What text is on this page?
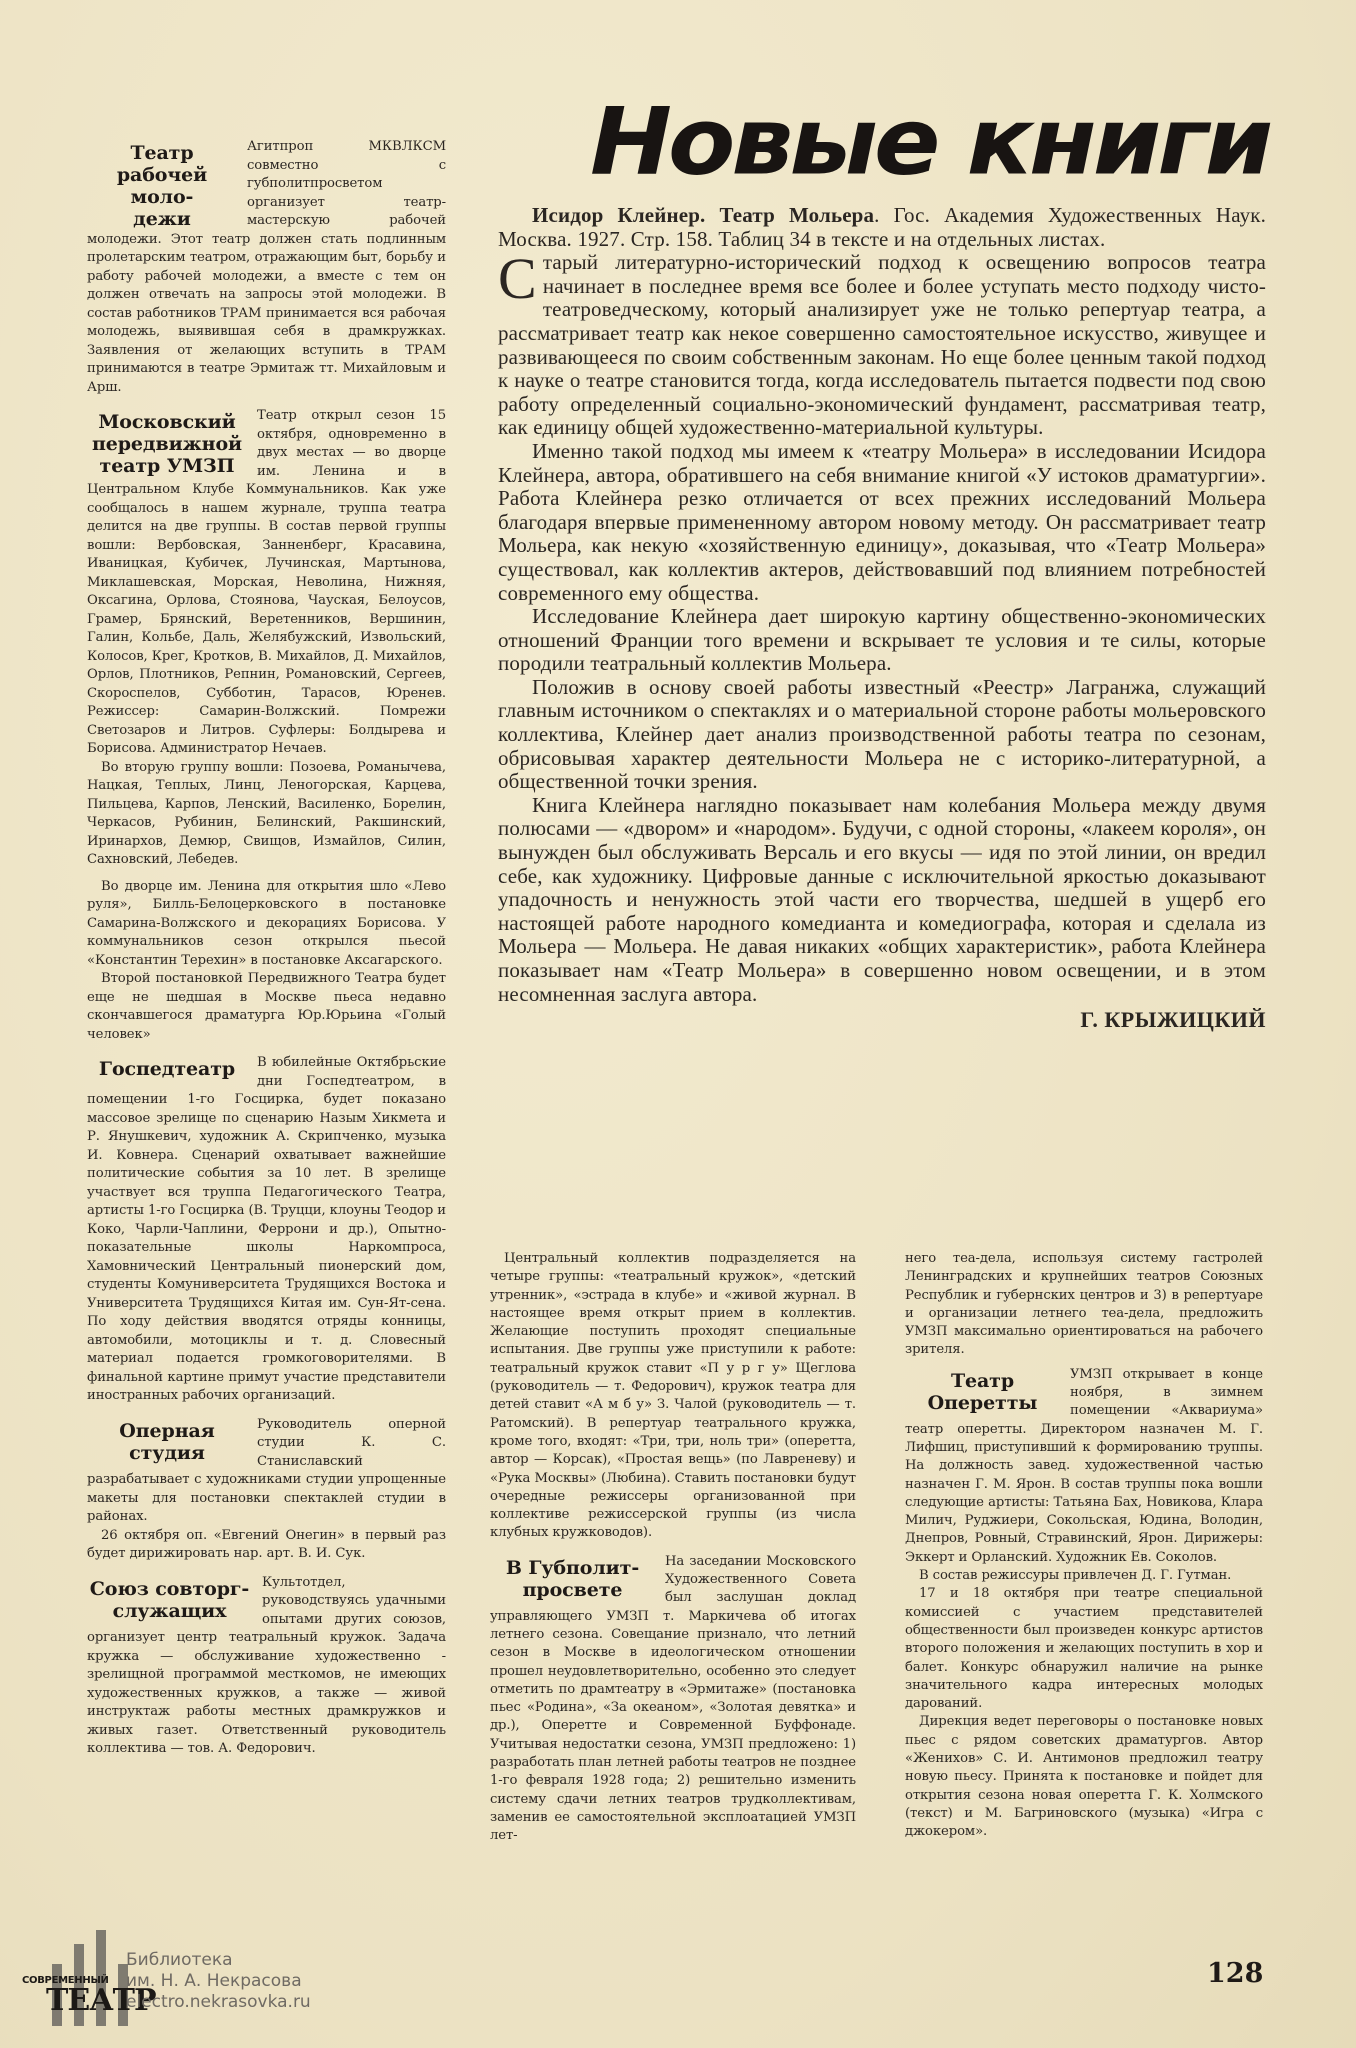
Театр
рабочей моло-
дежи

Агитпроп МКВЛКСМ совместно с губполитпросветом организует театр-мастерскую рабочей молодежи. Этот театр должен стать подлинным пролетарским театром, отражающим быт, борьбу и работу рабочей молодежи, а вместе с тем он должен отвечать на запросы этой молодежи. В состав работников ТРАМ принимается вся рабочая молодежь, выявившая себя в драмкружках. Заявления от желающих вступить в ТРАМ принимаются в театре Эрмитаж тт. Михайловым и Арш.

Московский
передвижной
театр УМЗП

Театр открыл сезон 15 октября, одновременно в двух местах — во дворце им. Ленина и в Центральном Клубе Коммунальников. Как уже сообщалось в нашем журнале, труппа театра делится на две группы. В состав первой группы вошли: Вербовская, Занненберг, Красавина, Иваницкая, Кубичек, Лучинская, Мартынова, Миклашевская, Морская, Неволина, Нижняя, Оксагина, Орлова, Стоянова, Чауская, Белоусов, Грамер, Брянский, Веретенников, Вершинин, Галин, Кольбе, Даль, Желябужский, Извольский, Колосов, Крег, Кротков, В. Михайлов, Д. Михайлов, Орлов, Плотников, Репнин, Романовский, Сергеев, Скороспелов, Субботин, Тарасов, Юренев. Режиссер: Самарин-Волжский. Помрежи Светозаров и Литров. Суфлеры: Болдырева и Борисова. Администратор Нечаев.

Во вторую группу вошли: Позоева, Романычева, Нацкая, Теплых, Линц, Леногорская, Карцева, Пильцева, Карпов, Ленский, Василенко, Борелин, Черкасов, Рубинин, Белинский, Ракшинский, Иринархов, Демюр, Свищов, Измайлов, Силин, Сахновский, Лебедев.

Во дворце им. Ленина для открытия шло «Лево руля», Билль-Белоцерковского в постановке Самарина-Волжского и декорациях Борисова. У коммунальников сезон открылся пьесой «Константин Терехин» в постановке Аксагарского.

Второй постановкой Передвижного Театра будет еще не шедшая в Москве пьеса недавно скончавшегося драматурга Юр.Юрьина «Голый человек»

Госпедтеатр	В юбилейные Октябрьские дни Госпедтеатром, в помещении 1-го Госцирка, будет показано массовое зрелище по сценарию Назым Хикмета и Р. Янушкевич, художник А. Скрипченко, музыка И. Ковнера. Сценарий охватывает важнейшие политические события за 10 лет. В зрелище участвует вся труппа Педагогического Театра, артисты 1-го Госцирка (В. Труцци, клоуны Теодор и Коко, Чарли-Чаплини, Феррони и др.), Опытно-показательные школы Наркомпроса, Хамовнический Центральный пионерский дом, студенты Комуниверситета Трудящихся Востока и Университета Трудящихся Китая им. Сун-Ят-сена. По ходу действия вводятся отряды конницы, автомобили, мотоциклы и т. д. Словесный материал подается громкоговорителями. В финальной картине примут участие представители иностранных рабочих организаций.

Оперная
студия

Руководитель оперной студии К. С. Станиславский разрабатывает с художниками студии упрощенные макеты для постановки спектаклей студии в районах.

26 октября оп. «Евгений Онегин» в первый раз будет дирижировать нар. арт. В. И. Сук.

Союз совторг-
служащих

Культотдел, руководствуясь удачными опытами других союзов, организует центр театральный кружок. Задача кружка — обслуживание художественно - зрелищной программой месткомов, не имеющих художественных кружков, а также — живой инструктаж работы местных драмкружков и живых газет. Ответственный руководитель коллектива — тов. А. Федорович.

Новые книги

Исидор Клейнер. Театр Мольера. Гос. Академия Художественных Наук. Москва. 1927. Стр. 158. Таблиц 34 в тексте и на отдельных листах.

Старый литературно-исторический подход к освещению вопросов театра начинает в последнее время все более и более уступать место подходу чисто-театроведческому, который анализирует уже не только репертуар театра, а рассматривает театр как некое совершенно самостоятельное искусство, живущее и развивающееся по своим собственным законам. Но еще более ценным такой подход к науке о театре становится тогда, когда исследователь пытается подвести под свою работу определенный социально-экономический фундамент, рассматривая театр, как единицу общей художественно-материальной культуры.

Именно такой подход мы имеем к «театру Мольера» в исследовании Исидора Клейнера, автора, обратившего на себя внимание книгой «У истоков драматургии». Работа Клейнера резко отличается от всех прежних исследований Мольера благодаря впервые примененному автором новому методу. Он рассматривает театр Мольера, как некую «хозяйственную единицу», доказывая, что «Театр Мольера» существовал, как коллектив актеров, действовавший под влиянием потребностей современного ему общества.

Исследование Клейнера дает широкую картину общественно-экономических отношений Франции того времени и вскрывает те условия и те силы, которые породили театральный коллектив Мольера.

Положив в основу своей работы известный «Реестр» Лагранжа, служащий главным источником о спектаклях и о материальной стороне работы мольеровского коллектива, Клейнер дает анализ производственной работы театра по сезонам, обрисовывая характер деятельности Мольера не с историко-литературной, а общественной точки зрения.

Книга Клейнера наглядно показывает нам колебания Мольера между двумя полюсами — «двором» и «народом». Будучи, с одной стороны, «лакеем короля», он вынужден был обслуживать Версаль и его вкусы — идя по этой линии, он вредил себе, как художнику. Цифровые данные с исключительной яркостью доказывают упадочность и ненужность этой части его творчества, шедшей в ущерб его настоящей работе народного комедианта и комедиографа, которая и сделала из Мольера — Мольера. Не давая никаких «общих характеристик», работа Клейнера показывает нам «Театр Мольера» в совершенно новом освещении, и в этом несомненная заслуга автора.

Г. КРЫЖИЦКИЙ

Центральный коллектив подразделяется на четыре группы: «театральный кружок», «детский утренник», «эстрада в клубе» и «живой журнал. В настоящее время открыт прием в коллектив. Желающие поступить проходят специальные испытания. Две группы уже приступили к работе: театральный кружок ставит «П у р г у» Щеглова (руководитель — т. Федорович), кружок театра для детей ставит «А м б у» З. Чалой (руководитель — т. Ратомский). В репертуар театрального кружка, кроме того, входят: «Три, три, ноль три» (оперетта, автор — Корсак), «Простая вещь» (по Лавреневу) и «Рука Москвы» (Любина). Ставить постановки будут очередные режиссеры организованной при коллективе режиссерской группы (из числа клубных кружководов).

В Губполит-
просвете

На заседании Московского Художественного Совета был заслушан доклад управляющего УМЗП т. Маркичева об итогах летнего сезона. Совещание признало, что летний сезон в Москве в идеологическом отношении прошел неудовлетворительно, особенно это следует отметить по драмтеатру в «Эрмитаже» (постановка пьес «Родина», «За океаном», «Золотая девятка» и др.), Оперетте и Современной Буффонаде. Учитывая недостатки сезона, УМЗП предложено: 1) разработать план летней работы театров не позднее 1-го февраля 1928 года; 2) решительно изменить систему сдачи летних театров трудколлективам, заменив ее самостоятельной эксплоатацией УМЗП лет-

него теа-дела, используя систему гастролей Ленинградских и крупнейших театров Союзных Республик и губернских центров и 3) в репертуаре и организации летнего теа-дела, предложить УМЗП максимально ориентироваться на рабочего зрителя.

Театр
Оперетты

УМЗП открывает в конце ноября, в зимнем помещении «Аквариума» театр оперетты. Директором назначен М. Г. Лифшиц, приступивший к формированию труппы. На должность завед. художественной частью назначен Г. М. Ярон. В состав труппы пока вошли следующие артисты: Татьяна Бах, Новикова, Клара Милич, Руджиери, Сокольская, Юдина, Володин, Днепров, Ровный, Стравинский, Ярон. Дирижеры: Эккерт и Орланский. Художник Ев. Соколов.

В состав режиссуры привлечен Д. Г. Гутман.

17 и 18 октября при театре специальной комиссией с участием представителей общественности был произведен конкурс артистов второго положения и желающих поступить в хор и балет. Конкурс обнаружил наличие на рынке значительного кадра интересных молодых дарований.

Дирекция ведет переговоры о постановке новых пьес с рядом советских драматургов. Автор «Женихов» С. И. Антимонов предложил театру новую пьесу. Принята к постановке и пойдет для открытия сезона новая оперетта Г. К. Холмского (текст) и М. Багриновского (музыка) «Игра с джокером».

СОВРЕМЕННЫЙ
ТЕАТР
Библиотека
им. Н. А. Некрасова
electro.nekrasovka.ru
128
